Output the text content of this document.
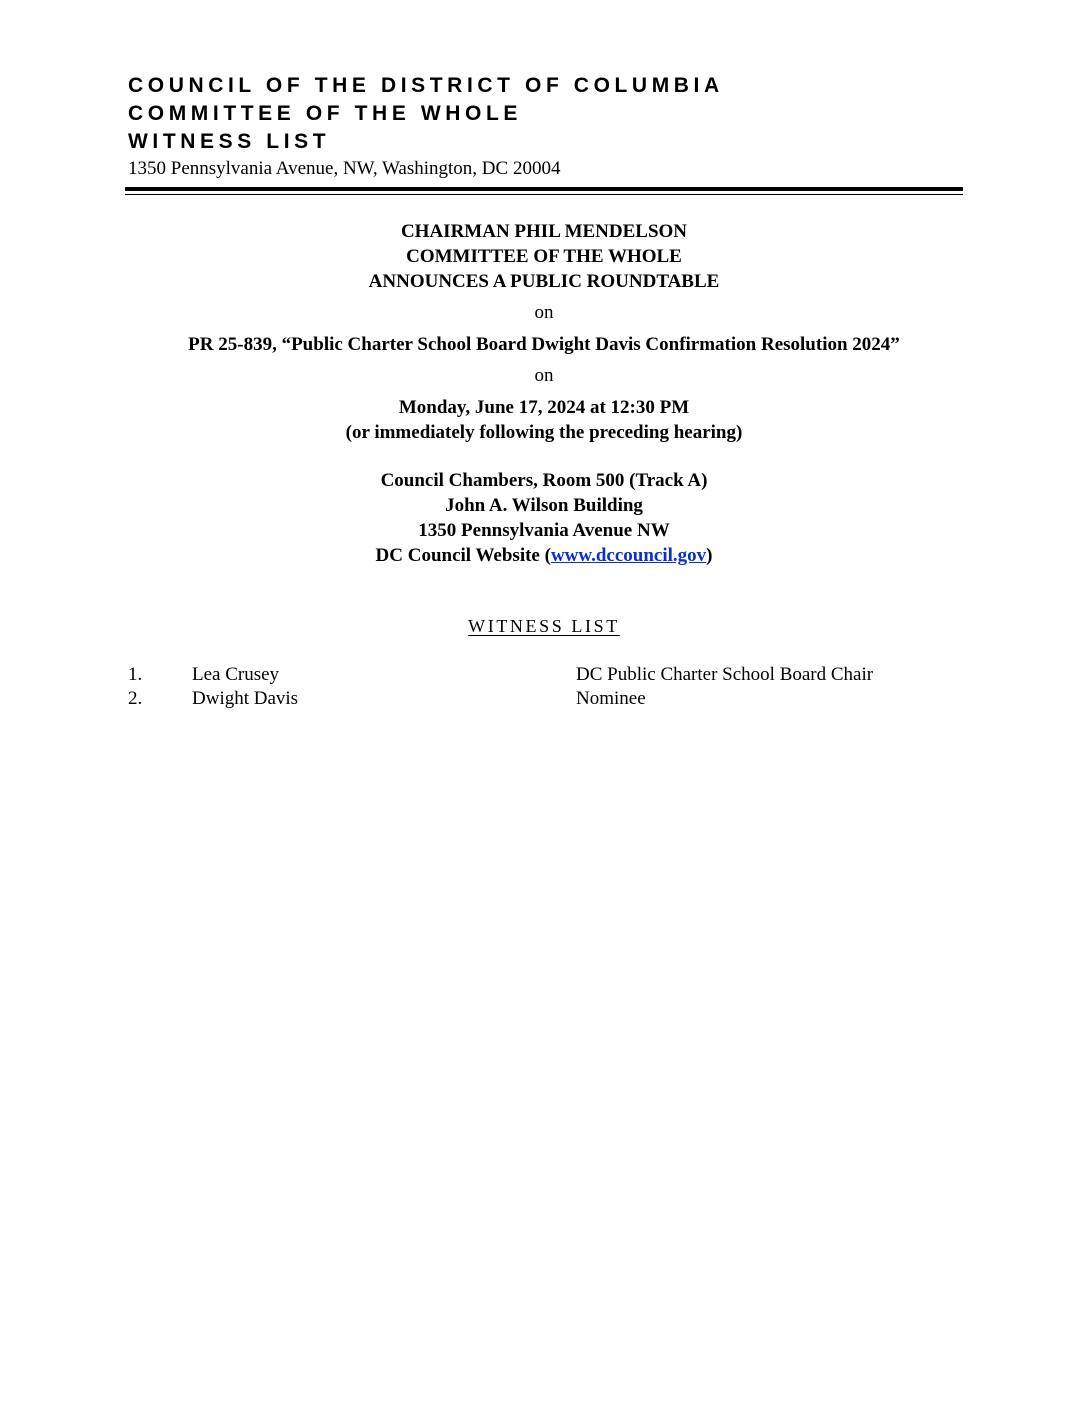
COUNCIL OF THE DISTRICT OF COLUMBIA
COMMITTEE OF THE WHOLE
WITNESS LIST
1350 Pennsylvania Avenue, NW, Washington, DC 20004
CHAIRMAN PHIL MENDELSON
COMMITTEE OF THE WHOLE
ANNOUNCES A PUBLIC ROUNDTABLE
on
PR 25-839, “Public Charter School Board Dwight Davis Confirmation Resolution 2024”
on
Monday, June 17, 2024 at 12:30 PM
(or immediately following the preceding hearing)
Council Chambers, Room 500 (Track A)
John A. Wilson Building
1350 Pennsylvania Avenue NW
DC Council Website (www.dccouncil.gov)
WITNESS LIST
1.	Lea Crusey	DC Public Charter School Board Chair
2.	Dwight Davis	Nominee
